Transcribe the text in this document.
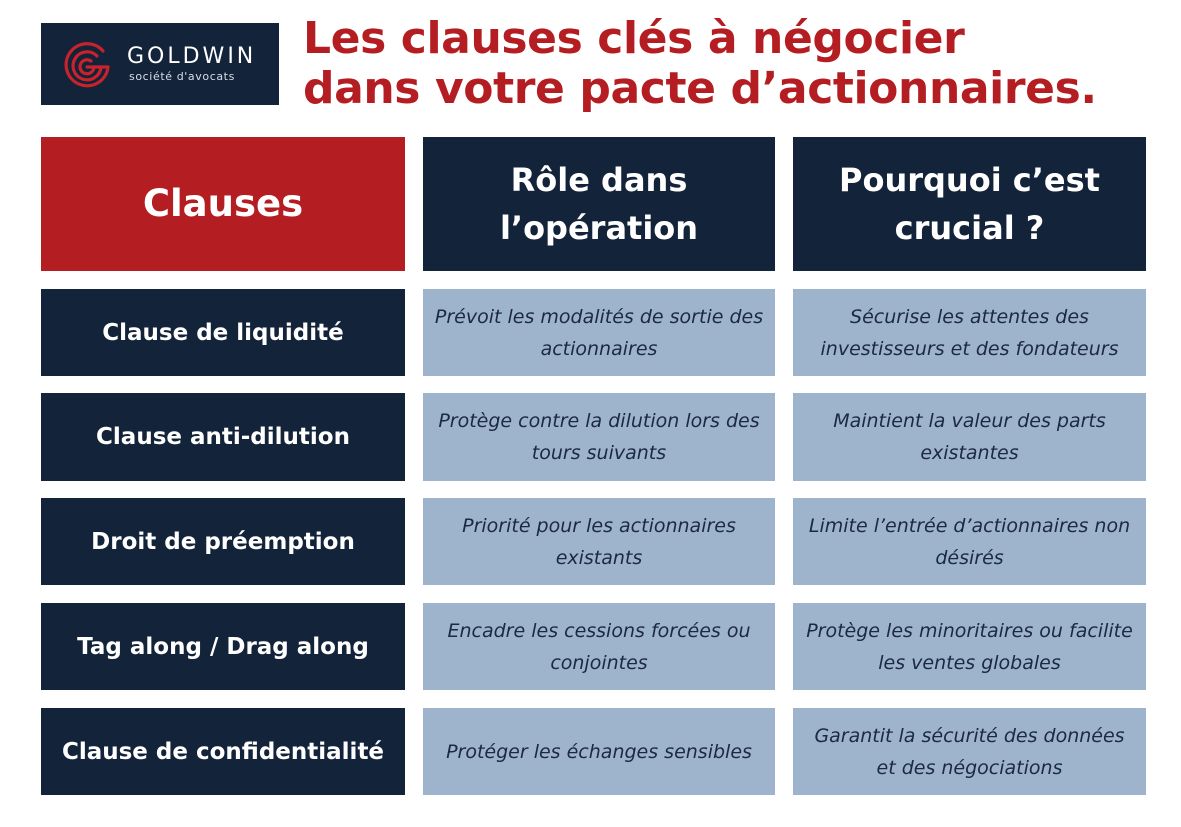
GOLDWIN
société d'avocats
Les clauses clés à négocier
dans votre pacte d’actionnaires.
Clauses
Rôle dans
l’opération
Pourquoi c’est
crucial ?
Clause de liquidité
Prévoit les modalités de sortie des
actionnaires
Sécurise les attentes des
investisseurs et des fondateurs
Clause anti-dilution
Protège contre la dilution lors des
tours suivants
Maintient la valeur des parts
existantes
Droit de préemption
Priorité pour les actionnaires
existants
Limite l’entrée d’actionnaires non
désirés
Tag along / Drag along
Encadre les cessions forcées ou
conjointes
Protège les minoritaires ou facilite
les ventes globales
Clause de confidentialité	Protéger les échanges sensibles
Garantit la sécurité des données
et des négociations
